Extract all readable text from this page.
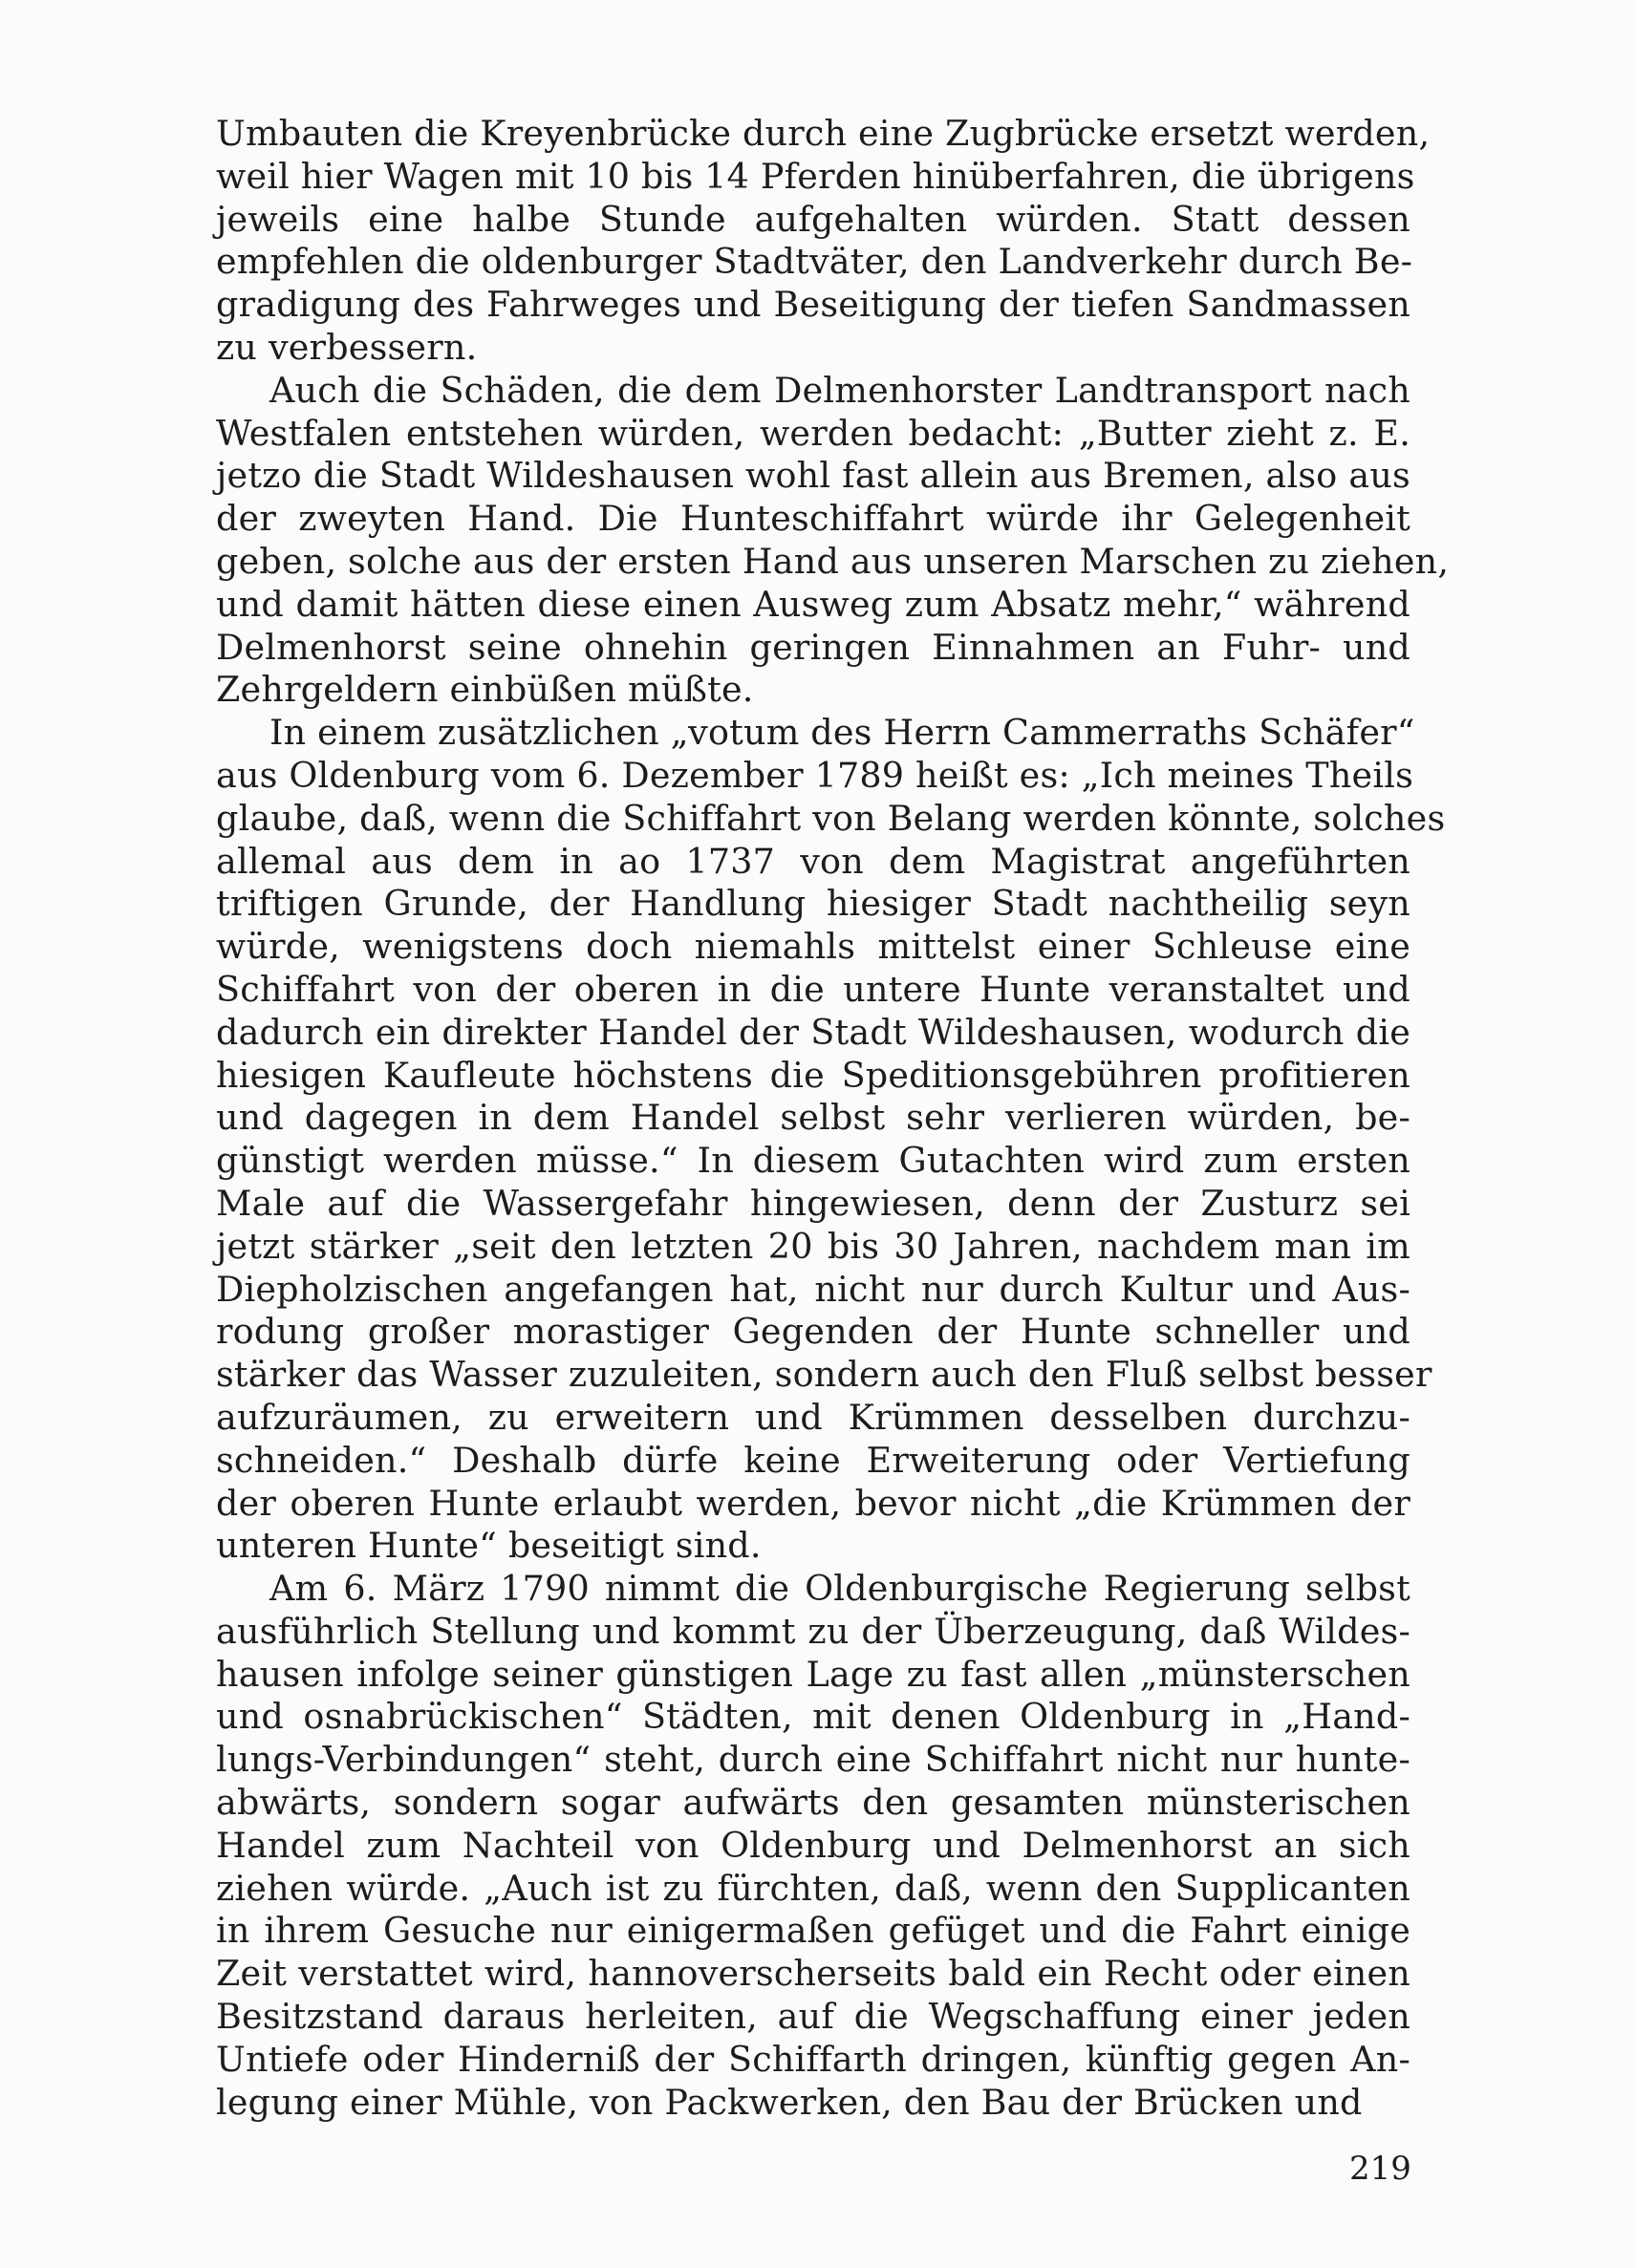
Umbauten die Kreyenbrücke durch eine Zugbrücke ersetzt werden,
weil hier Wagen mit 10 bis 14 Pferden hinüberfahren, die übrigens
jeweils eine halbe Stunde aufgehalten würden. Statt dessen
empfehlen die oldenburger Stadtväter, den Landverkehr durch Be-
gradigung des Fahrweges und Beseitigung der tiefen Sandmassen
zu verbessern.
Auch die Schäden, die dem Delmenhorster Landtransport nach
Westfalen entstehen würden, werden bedacht: „Butter zieht z. E.
jetzo die Stadt Wildeshausen wohl fast allein aus Bremen, also aus
der zweyten Hand. Die Hunteschiffahrt würde ihr Gelegenheit
geben, solche aus der ersten Hand aus unseren Marschen zu ziehen,
und damit hätten diese einen Ausweg zum Absatz mehr,“ während
Delmenhorst seine ohnehin geringen Einnahmen an Fuhr- und
Zehrgeldern einbüßen müßte.
In einem zusätzlichen „votum des Herrn Cammerraths Schäfer“
aus Oldenburg vom 6. Dezember 1789 heißt es: „Ich meines Theils
glaube, daß, wenn die Schiffahrt von Belang werden könnte, solches
allemal aus dem in ao 1737 von dem Magistrat angeführten
triftigen Grunde, der Handlung hiesiger Stadt nachtheilig seyn
würde, wenigstens doch niemahls mittelst einer Schleuse eine
Schiffahrt von der oberen in die untere Hunte veranstaltet und
dadurch ein direkter Handel der Stadt Wildeshausen, wodurch die
hiesigen Kaufleute höchstens die Speditionsgebühren profitieren
und dagegen in dem Handel selbst sehr verlieren würden, be-
günstigt werden müsse.“ In diesem Gutachten wird zum ersten
Male auf die Wassergefahr hingewiesen, denn der Zusturz sei
jetzt stärker „seit den letzten 20 bis 30 Jahren, nachdem man im
Diepholzischen angefangen hat, nicht nur durch Kultur und Aus-
rodung großer morastiger Gegenden der Hunte schneller und
stärker das Wasser zuzuleiten, sondern auch den Fluß selbst besser
aufzuräumen, zu erweitern und Krümmen desselben durchzu-
schneiden.“ Deshalb dürfe keine Erweiterung oder Vertiefung
der oberen Hunte erlaubt werden, bevor nicht „die Krümmen der
unteren Hunte“ beseitigt sind.
Am 6. März 1790 nimmt die Oldenburgische Regierung selbst
ausführlich Stellung und kommt zu der Überzeugung, daß Wildes-
hausen infolge seiner günstigen Lage zu fast allen „münsterschen
und osnabrückischen“ Städten, mit denen Oldenburg in „Hand-
lungs-Verbindungen“ steht, durch eine Schiffahrt nicht nur hunte-
abwärts, sondern sogar aufwärts den gesamten münsterischen
Handel zum Nachteil von Oldenburg und Delmenhorst an sich
ziehen würde. „Auch ist zu fürchten, daß, wenn den Supplicanten
in ihrem Gesuche nur einigermaßen gefüget und die Fahrt einige
Zeit verstattet wird, hannoverscherseits bald ein Recht oder einen
Besitzstand daraus herleiten, auf die Wegschaffung einer jeden
Untiefe oder Hinderniß der Schiffarth dringen, künftig gegen An-
legung einer Mühle, von Packwerken, den Bau der Brücken und
219
